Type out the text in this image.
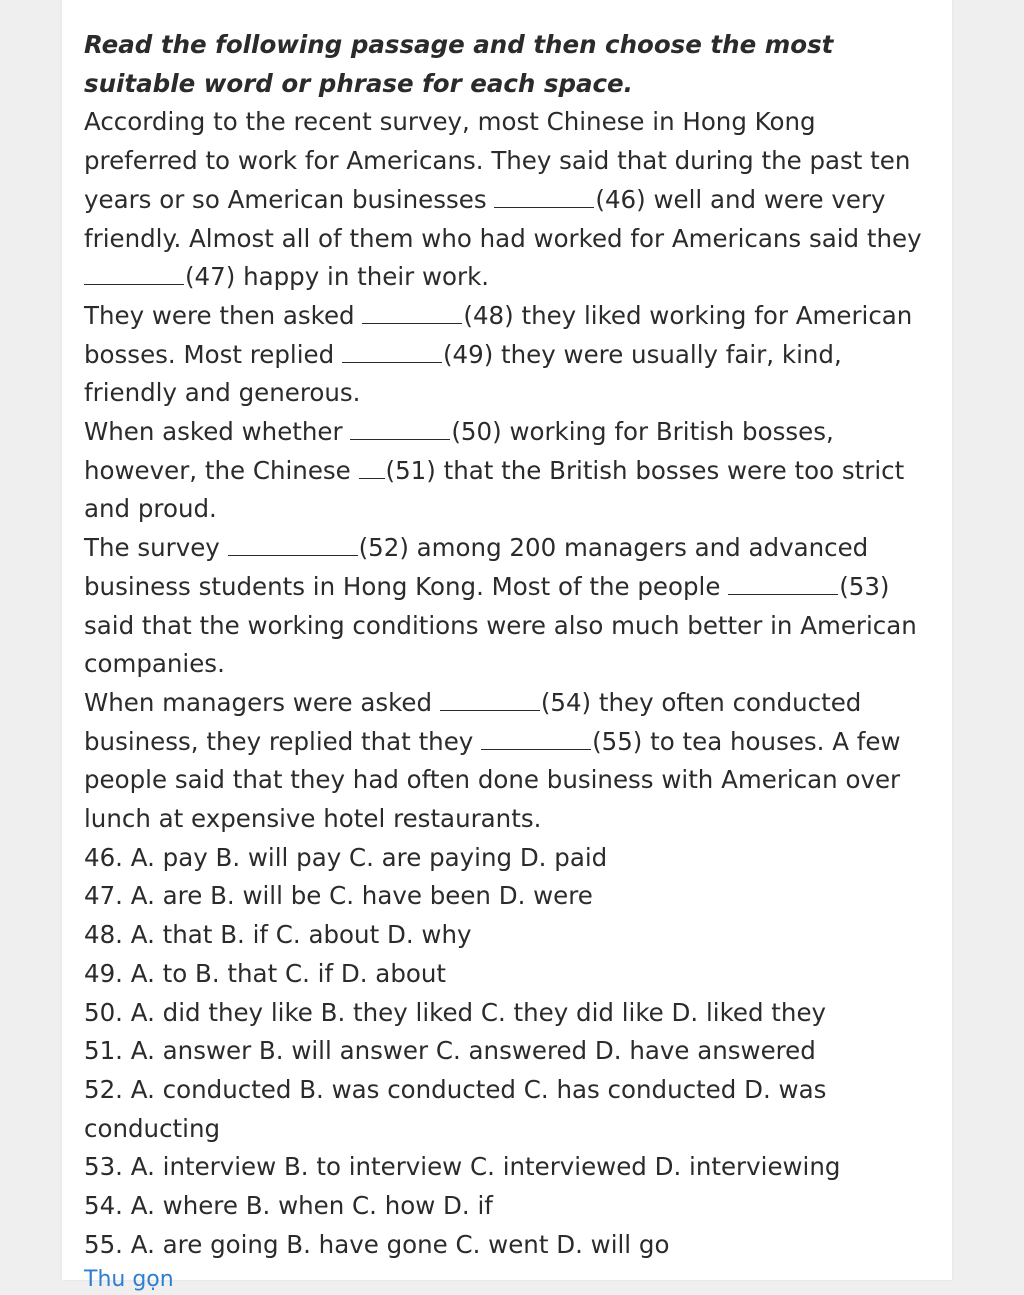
Read the following passage and then choose the most suitable word or phrase for each space.

According to the recent survey, most Chinese in Hong Kong preferred to work for Americans. They said that during the past ten years or so American businesses	(46) well and were very friendly. Almost all of them who had worked for Americans said they (47) happy in their work.

They were then asked	(48) they liked working for American bosses. Most replied	(49) they were usually fair, kind, friendly and generous.

When asked whether	(50) working for British bosses, however, the Chinese (51) that the British bosses were too strict and proud.

The survey	(52) among 200 managers and advanced business students in Hong Kong. Most of the people	(53) said that the working conditions were also much better in American companies.

When managers were asked	(54) they often conducted business, they replied that they	(55) to tea houses. A few people said that they had often done business with American over lunch at expensive hotel restaurants.

46. A. pay B. will pay C. are paying D. paid
47. A. are B. will be C. have been D. were
48. A. that B. if C. about D. why
49. A. to B. that C. if D. about
50. A. did they like B. they liked C. they did like D. liked they
51. A. answer B. will answer C. answered D. have answered
52. A. conducted B. was conducted C. has conducted D. was conducting
53. A. interview B. to interview C. interviewed D. interviewing
54. A. where B. when C. how D. if
55. A. are going B. have gone C. went D. will go
Thu gọn
